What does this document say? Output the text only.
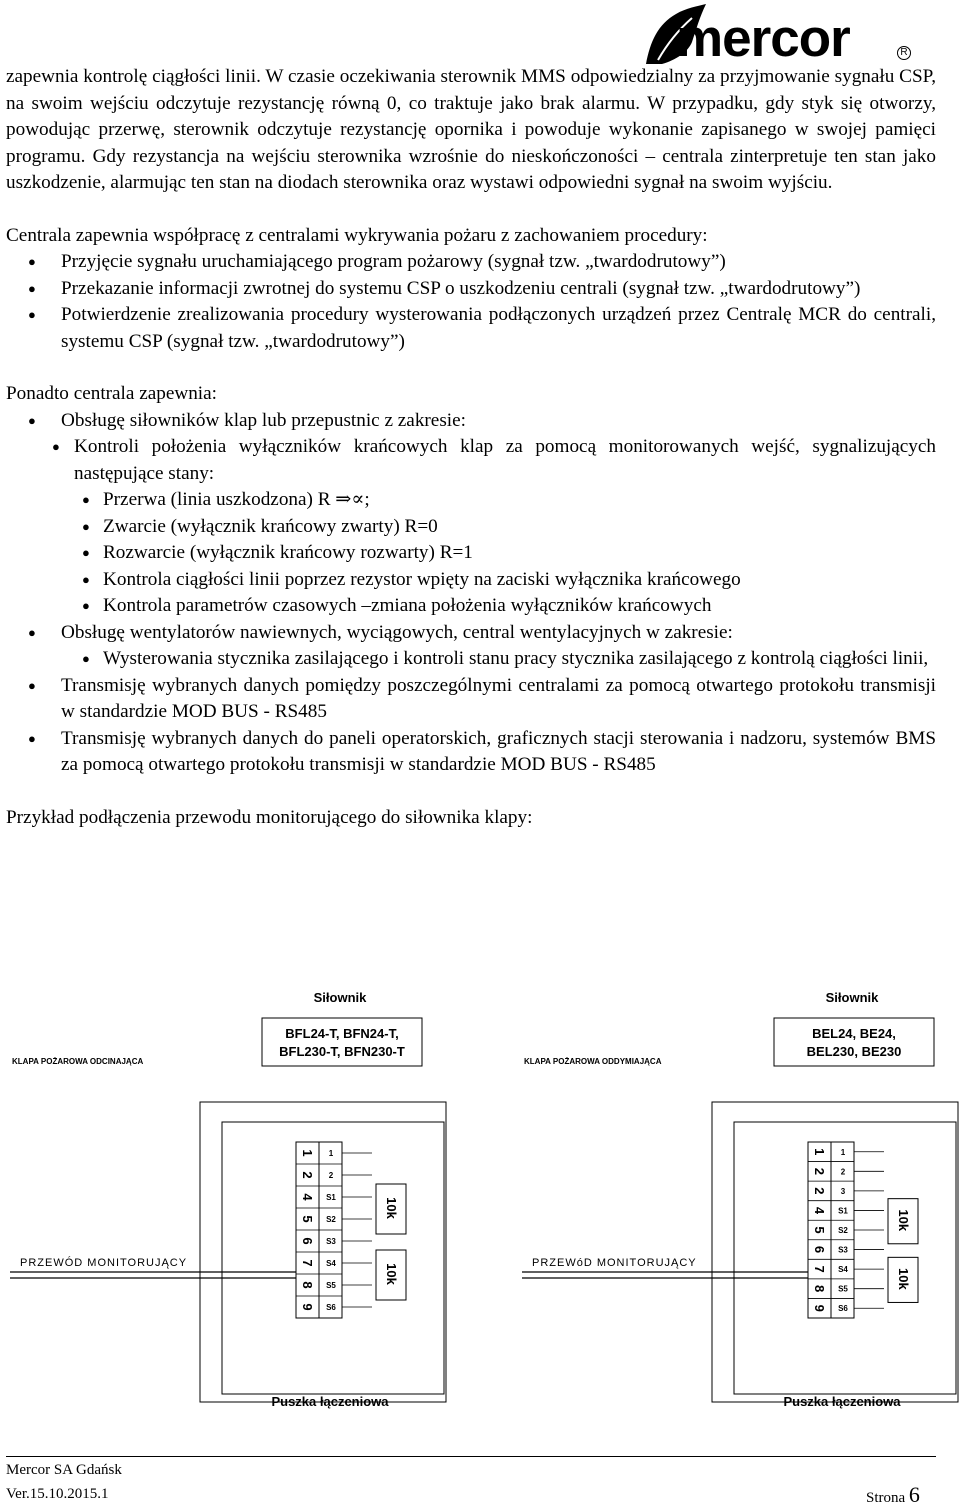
mercor	R

zapewnia kontrolę ciągłości linii. W czasie oczekiwania sterownik MMS odpowiedzialny za przyjmowanie sygnału CSP, na swoim wejściu odczytuje rezystancję równą 0, co traktuje jako brak alarmu. W przypadku, gdy styk się otworzy, powodując przerwę, sterownik odczytuje rezystancję opornika i powoduje wykonanie zapisanego w swojej pamięci programu. Gdy rezystancja na wejściu sterownika wzrośnie do nieskończoności – centrala zinterpretuje ten stan jako uszkodzenie, alarmując ten stan na diodach sterownika oraz wystawi odpowiedni sygnał na swoim wyjściu.

Centrala zapewnia współpracę z centralami wykrywania pożaru z zachowaniem procedury:

● Przyjęcie sygnału uruchamiającego program pożarowy (sygnał tzw. „twardodrutowy”)
● Przekazanie informacji zwrotnej do systemu CSP o uszkodzeniu centrali (sygnał tzw. „twardodrutowy”)
● Potwierdzenie zrealizowania procedury wysterowania podłączonych urządzeń przez Centralę MCR do centrali, systemu CSP (sygnał tzw. „twardodrutowy”)

Ponadto centrala zapewnia:

● Obsługę siłowników klap lub przepustnic z zakresie:
● Kontroli położenia wyłączników krańcowych klap za pomocą monitorowanych wejść, sygnalizujących następujące stany:
● Przerwa (linia uszkodzona) R ⇒∝;
● Zwarcie (wyłącznik krańcowy zwarty) R=0
● Rozwarcie (wyłącznik krańcowy rozwarty) R=1
● Kontrola ciągłości linii poprzez rezystor wpięty na zaciski wyłącznika krańcowego
● Kontrola parametrów czasowych –zmiana położenia wyłączników krańcowych
● Obsługę wentylatorów nawiewnych, wyciągowych, central wentylacyjnych w zakresie:
● Wysterowania stycznika zasilającego i kontroli stanu pracy stycznika zasilającego z kontrolą ciągłości linii,
● Transmisję wybranych danych pomiędzy poszczególnymi centralami za pomocą otwartego protokołu transmisji w standardzie MOD BUS - RS485
● Transmisję wybranych danych do paneli operatorskich, graficznych stacji sterowania i nadzoru, systemów BMS za pomocą otwartego protokołu transmisji w standardzie MOD BUS - RS485

Przykład podłączenia przewodu monitorującego do siłownika klapy:

Siłownik
BFL24-T, BFN24-T,
BFL230-T, BFN230-T
KLAPA POŻAROWA ODCINAJĄCA
1 1
2 2
4 S1
5 S2
6 S3
7 S4
8 S5
9 S6
10k
10k
PRZEWÓD MONITORUJĄCY
Puszka łączeniowa
Siłownik
BEL24, BE24,
BEL230, BE230
KLAPA POŻAROWA ODDYMIAJĄCA
1 1
2 2
2 3
4 S1
5 S2
6 S3
7 S4
8 S5
9 S6
10k
10k
PRZEWóD MONITORUJĄCY
Puszka łączeniowa
Mercor SA Gdańsk
Ver.15.10.2015.1	Strona 6
